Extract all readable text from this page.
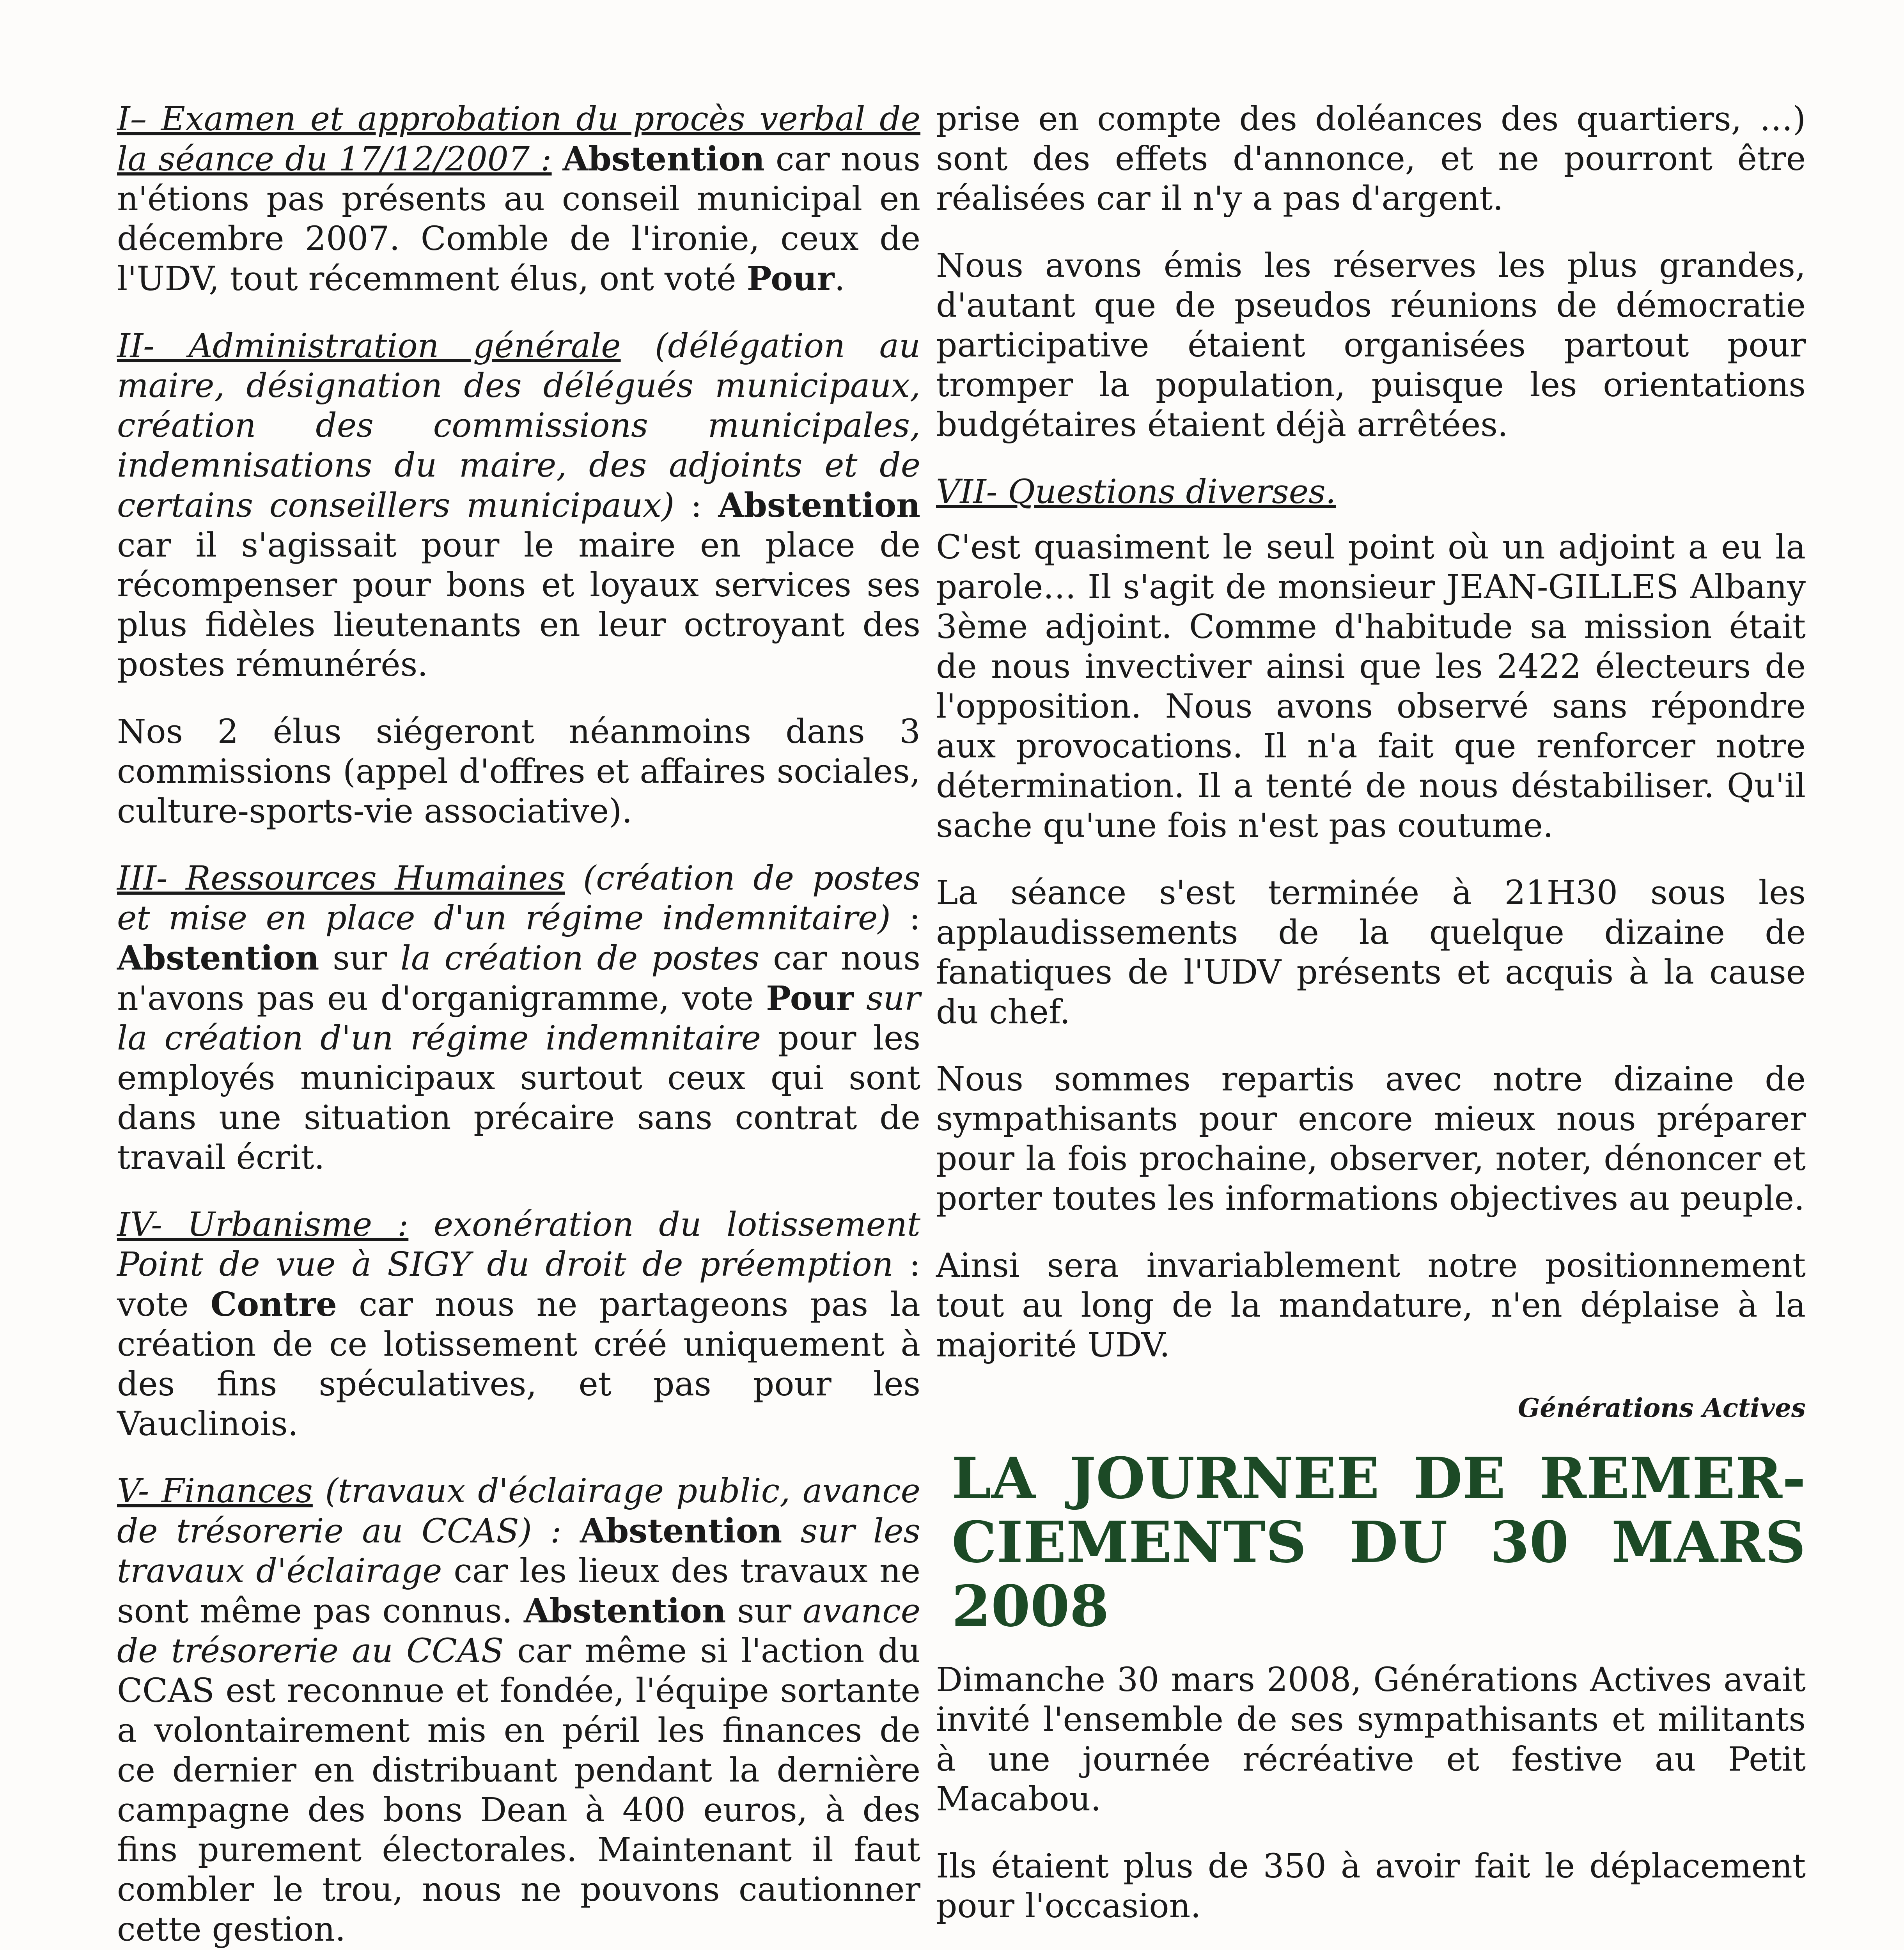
I– Examen et approbation du procès verbal de la séance du 17/12/2007 : Abstention car nous n'étions pas présents au conseil municipal en décembre 2007. Comble de l'ironie, ceux de l'UDV, tout récemment élus, ont voté Pour.

II- Administration générale (délégation au maire, désignation des délégués municipaux, création des commissions municipales, indemnisations du maire, des adjoints et de certains conseillers municipaux) : Abstention car il s'agissait pour le maire en place de récompenser pour bons et loyaux services ses plus fidèles lieutenants en leur octroyant des postes rémunérés.

Nos 2 élus siégeront néanmoins dans 3 commissions (appel d'offres et affaires sociales, culture-sports-vie associative).

III- Ressources Humaines (création de postes et mise en place d'un régime indemnitaire) : Abstention sur la création de postes car nous n'avons pas eu d'organigramme, vote Pour sur la création d'un régime indemnitaire pour les employés municipaux surtout ceux qui sont dans une situation précaire sans contrat de travail écrit.

IV- Urbanisme : exonération du lotissement Point de vue à SIGY du droit de préemption : vote Contre car nous ne partageons pas la création de ce lotissement créé uniquement à des fins spéculatives, et pas pour les Vauclinois.

V- Finances (travaux d'éclairage public, avance de trésorerie au CCAS) : Abstention sur les travaux d'éclairage car les lieux des travaux ne sont même pas connus. Abstention sur avance de trésorerie au CCAS car même si l'action du CCAS est reconnue et fondée, l'équipe sortante a volontairement mis en péril les finances de ce dernier en distribuant pendant la dernière campagne des bons Dean à 400 euros, à des fins purement électorales. Maintenant il faut combler le trou, nous ne pouvons cautionner cette gestion.

prise en compte des doléances des quartiers, …) sont des effets d'annonce, et ne pourront être réalisées car il n'y a pas d'argent.

Nous avons émis les réserves les plus grandes, d'autant que de pseudos réunions de démocratie participative étaient organisées partout pour tromper la population, puisque les orientations budgétaires étaient déjà arrêtées.

VII- Questions diverses.

C'est quasiment le seul point où un adjoint a eu la parole… Il s'agit de monsieur JEAN-GILLES Albany 3ème adjoint. Comme d'habitude sa mission était de nous invectiver ainsi que les 2422 électeurs de l'opposition. Nous avons observé sans répondre aux provocations. Il n'a fait que renforcer notre détermination. Il a tenté de nous déstabiliser. Qu'il sache qu'une fois n'est pas coutume.

La séance s'est terminée à 21H30 sous les applaudissements de la quelque dizaine de fanatiques de l'UDV présents et acquis à la cause du chef.

Nous sommes repartis avec notre dizaine de sympathisants pour encore mieux nous préparer pour la fois prochaine, observer, noter, dénoncer et porter toutes les informations objectives au peuple.

Ainsi sera invariablement notre positionnement tout au long de la mandature, n'en déplaise à la majorité UDV.

Générations Actives

LA JOURNEE DE REMER-
CIEMENTS DU 30 MARS 2008

Dimanche 30 mars 2008, Générations Actives avait invité l'ensemble de ses sympathisants et militants à une journée récréative et festive au Petit Macabou.

Ils étaient plus de 350 à avoir fait le déplacement pour l'occasion.
